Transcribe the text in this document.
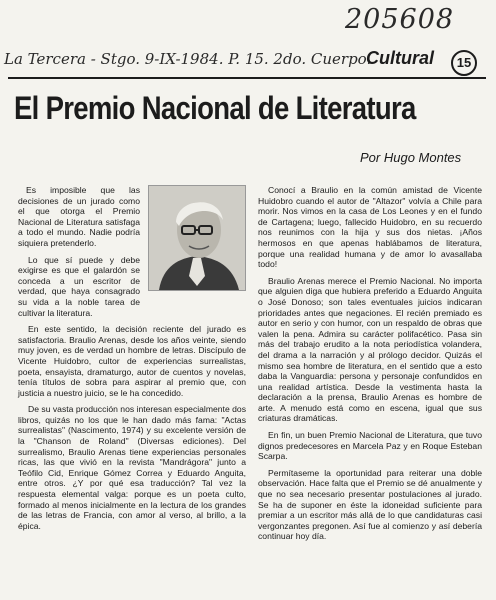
205608
La Tercera - Stgo. 9-IX-1984. P. 15. 2do. Cuerpo.
Cultural	15
El Premio Nacional de Literatura
Por Hugo Montes

Es imposible que las decisiones de un jurado como el que otorga el Premio Nacional de Literatura satisfaga a todo el mundo. Nadie podría siquiera pretenderlo.

Lo que sí puede y debe exigirse es que el galardón se conceda a un escritor de verdad, que haya consagrado su vida a la noble tarea de cultivar la literatura.

En este sentido, la decisión reciente del jurado es satisfactoria. Braulio Arenas, desde los años veinte, siendo muy joven, es de verdad un hombre de letras. Discípulo de Vicente Huidobro, cultor de experiencias surrealistas, poeta, ensayista, dramaturgo, autor de cuentos y novelas, tenía títulos de sobra para aspirar al premio que, con justicia a nuestro juicio, se le ha concedido.

De su vasta producción nos interesan especialmente dos libros, quizás no los que le han dado más fama: "Actas surrealistas" (Nascimento, 1974) y su excelente versión de la "Chanson de Roland" (Diversas ediciones). Del surrealismo, Braulio Arenas tiene experiencias personales ricas, las que vivió en la revista "Mandrágora" junto a Teófilo Cid, Enrique Gómez Correa y Eduardo Anguita, entre otros. ¿Y por qué esa traducción? Tal vez la respuesta elemental valga: porque es un poeta culto, formado al menos inicialmente en la lectura de los grandes de las letras de Francia, con amor al verso, al brillo, a la épica.

Conocí a Braulio en la común amistad de Vicente Huidobro cuando el autor de "Altazor" volvía a Chile para morir. Nos vimos en la casa de Los Leones y en el fundo de Cartagena; luego, fallecido Huidobro, en su recuerdo nos reunimos con la hija y sus dos nietas. ¡Años hermosos en que apenas hablábamos de literatura, porque una realidad humana y de amor lo avasallaba todo!

Braulio Arenas merece el Premio Nacional. No importa que alguien diga que hubiera preferido a Eduardo Anguita o José Donoso; son tales eventuales juicios indicaran prioridades antes que negaciones. El recién premiado es autor en serio y con humor, con un respaldo de obras que valen la pena. Admira su carácter polifacético. Pasa sin más del trabajo erudito a la nota periodística volandera, del drama a la narración y al prólogo decidor. Quizás el mismo sea hombre de literatura, en el sentido que a esto daba la Vanguardia: persona y personaje confundidos en una realidad artística. Desde la vestimenta hasta la declaración a la prensa, Braulio Arenas es hombre de arte. A menudo está como en escena, igual que sus criaturas dramáticas.

En fin, un buen Premio Nacional de Literatura, que tuvo dignos predecesores en Marcela Paz y en Roque Esteban Scarpa.

Permítaseme la oportunidad para reiterar una doble observación. Hace falta que el Premio se dé anualmente y que no sea necesario presentar postulaciones al jurado. Se ha de suponer en éste la idoneidad suficiente para premiar a un escritor más allá de lo que candidaturas casi vergonzantes pregonen. Así fue al comienzo y así debería continuar hoy día.
